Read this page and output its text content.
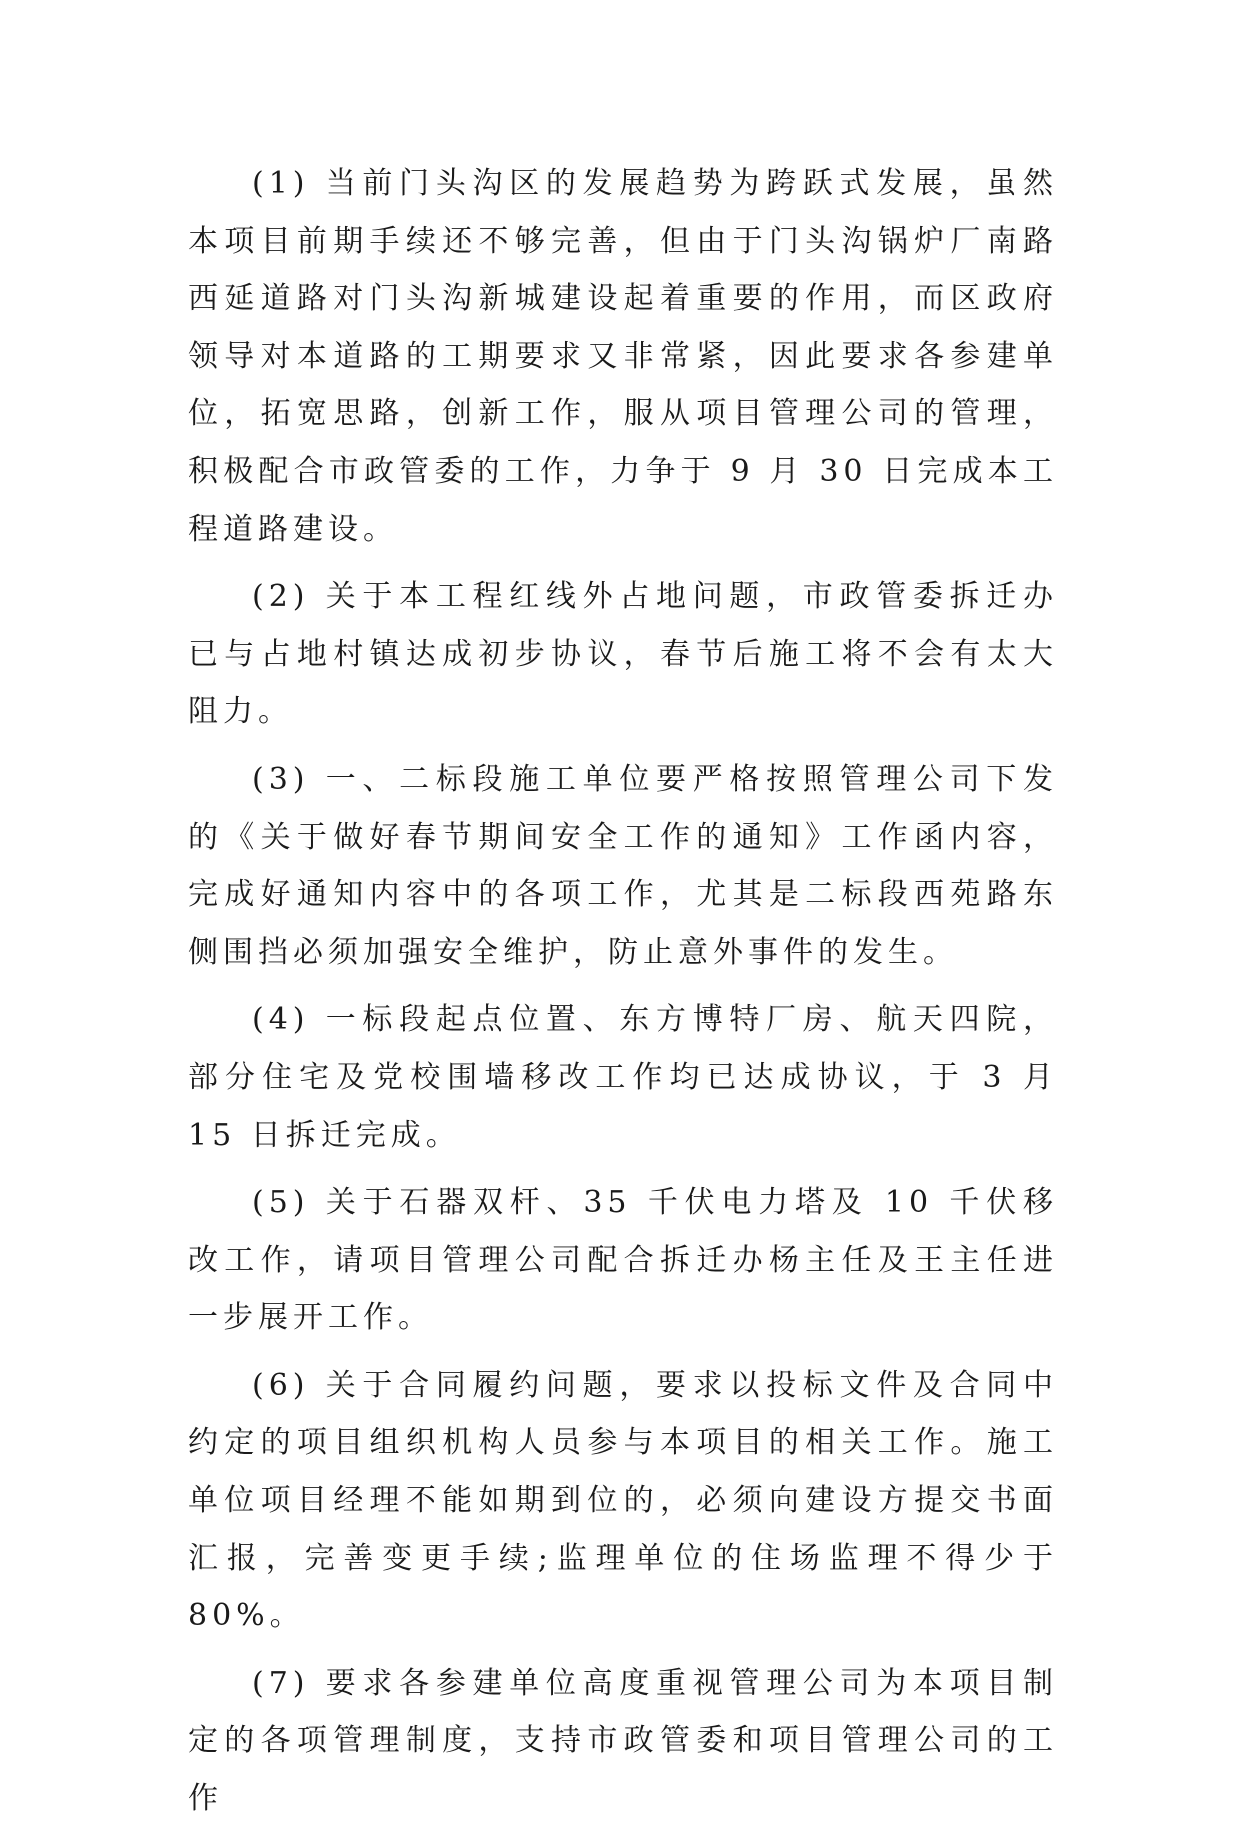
(1) 当前门头沟区的发展趋势为跨跃式发展，虽然本项目前期手续还不够完善，但由于门头沟锅炉厂南路西延道路对门头沟新城建设起着重要的作用，而区政府领导对本道路的工期要求又非常紧，因此要求各参建单位，拓宽思路，创新工作，服从项目管理公司的管理，积极配合市政管委的工作，力争于 9 月 30 日完成本工程道路建设。

(2) 关于本工程红线外占地问题，市政管委拆迁办已与占地村镇达成初步协议，春节后施工将不会有太大阻力。

(3) 一、二标段施工单位要严格按照管理公司下发的《关于做好春节期间安全工作的通知》工作函内容，完成好通知内容中的各项工作，尤其是二标段西苑路东侧围挡必须加强安全维护，防止意外事件的发生。

(4) 一标段起点位置、东方博特厂房、航天四院，部分住宅及党校围墙移改工作均已达成协议，于 3 月 15 日拆迁完成。

(5) 关于石器双杆、35 千伏电力塔及 10 千伏移改工作，请项目管理公司配合拆迁办杨主任及王主任进一步展开工作。

(6) 关于合同履约问题，要求以投标文件及合同中约定的项目组织机构人员参与本项目的相关工作。施工单位项目经理不能如期到位的，必须向建设方提交书面汇报，完善变更手续;监理单位的住场监理不得少于 80%。

(7) 要求各参建单位高度重视管理公司为本项目制定的各项管理制度，支持市政管委和项目管理公司的工作
